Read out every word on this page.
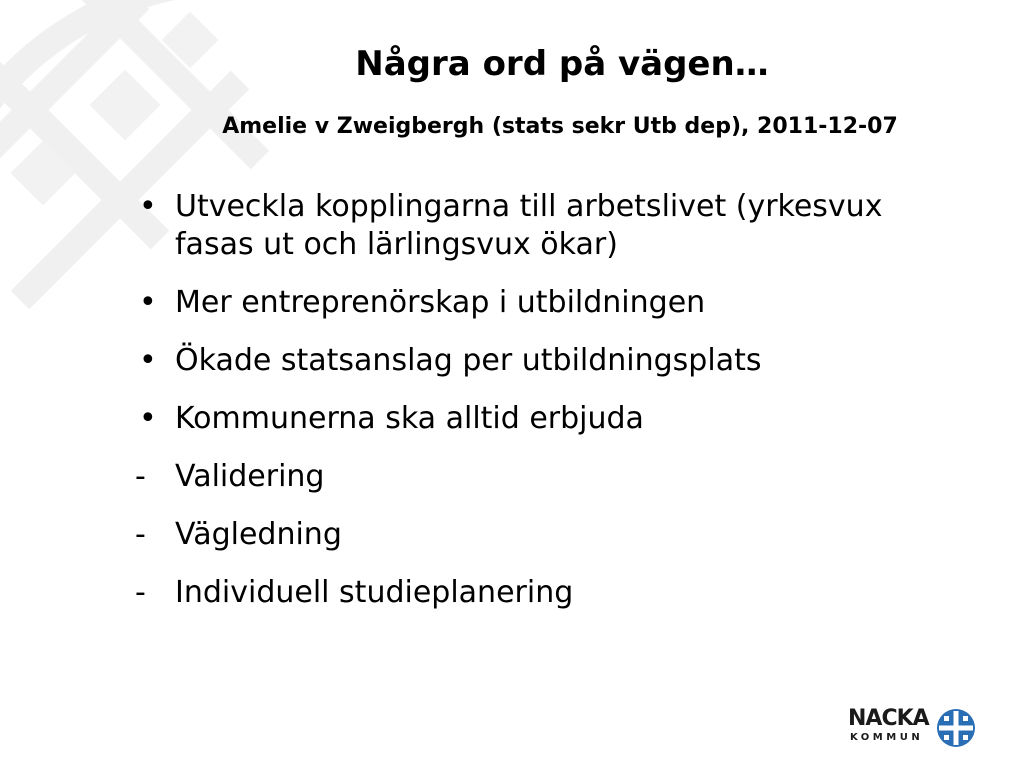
Några ord på vägen…
Amelie v Zweigbergh (stats sekr Utb dep), 2011-12-07
• Utveckla kopplingarna till arbetslivet (yrkesvux fasas ut och lärlingsvux ökar)
• Mer entreprenörskap i utbildningen
• Ökade statsanslag per utbildningsplats
• Kommunerna ska alltid erbjuda
- Validering
- Vägledning
- Individuell studieplanering
NACKA
KOMMUN
